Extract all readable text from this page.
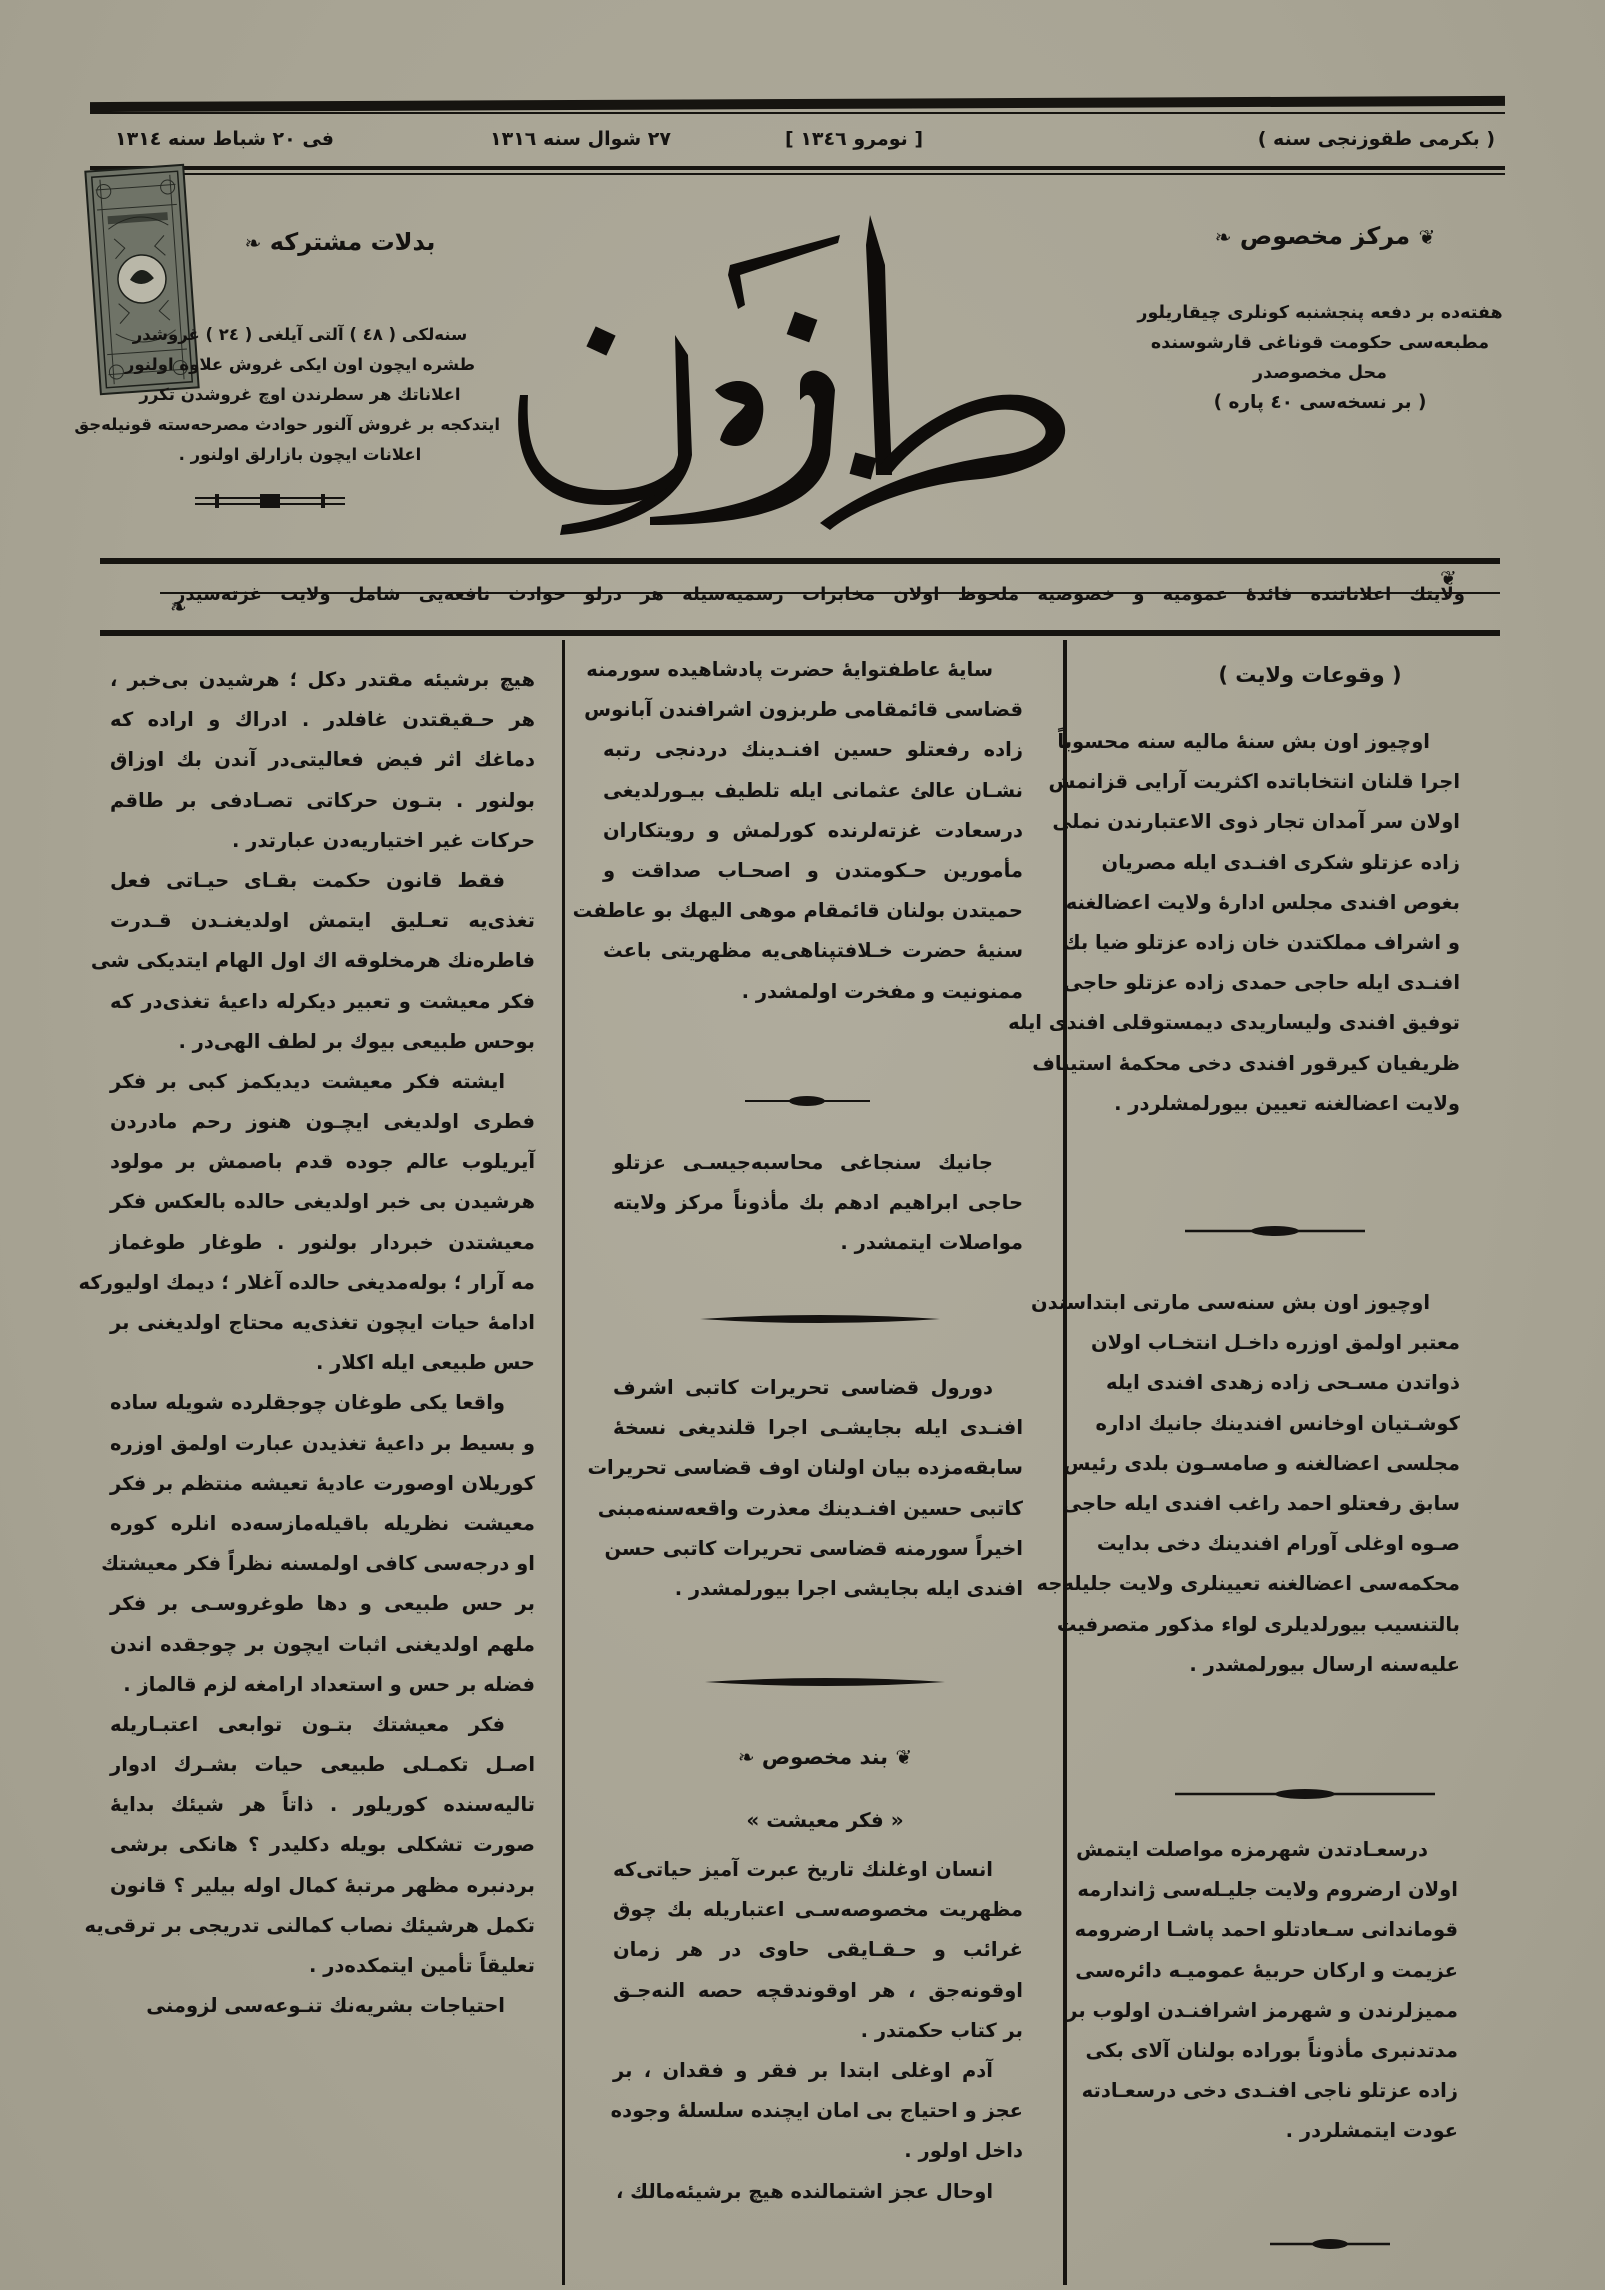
( بکرمی طقوزنجی سنه )
[ نومرو ۱۳٤٦ ]
۲۷ شوال سنه ۱۳۱٦
فی ۲۰ شباط سنه ۱۳۱٤
بدلات مشترکه ❧
سنه‌لکی ( ٤۸ ) آلتی آیلغی ( ۲٤ ) غروشدر
طشره ایچون اون ایکی غروش علاوه اولنور
اعلاناتك هر سطرندن اوچ غروشدن تکرر
ایتدکجه بر غروش آلنور حوادث مصرحه‌سته قونیله‌جق
اعلانات ایچون بازارلق اولنور .
❦ مرکز مخصوص ❧
هفته‌ده بر دفعه پنجشنبه کونلری چیقاریلور
مطبعه‌سی حکومت قوناغی قارشوسنده
محل مخصوصدر
( بر نسخه‌سی ٤۰ پاره )
ولایتك اعلاناتنده فائدهٔ عمومیه و خصوصیه ملحوظ اولان مخابرات رسمیه‌سیله هر درلو حوادث نافعه‌یی شامل ولایت غزته‌سیدر
❦
❧
( وقوعات ولایت )
اوچیوز اون بش سنهٔ مالیه سنه محسوباً
اجرا قلنان انتخاباتده اکثریت آرایی قزانمش
اولان سر آمدان تجار ذوی الاعتبارندن نملی
زاده عزتلو شکری افنـدی ایله مصریان
بغوص افندی مجلس ادارهٔ ولایت اعضالغنه
و اشراف مملکتدن خان زاده عزتلو ضیا بك
افنـدی ایله حاجی حمدی زاده عزتلو حاجی
توفیق افندی ولیساریدی دیمستوقلی افندی ایله
ظریفیان کیرقور افندی دخی محکمهٔ استیناف
ولایت اعضالغنه تعیین بیورلمشلردر .
اوچیوز اون بش سنه‌سی مارتی ابتداسندن
معتبر اولمق اوزره داخـل انتخـاب اولان
ذواتدن مسـحی زاده زهدی افندی ایله
کوشـتیان اوخانس افندینك جانیك اداره
مجلسی اعضالغنه و صامسـون بلدی رئیس
سابق رفعتلو احمد راغب افندی ایله حاجی
صـوه اوغلی آورام افندینك دخی بدایت
محکمه‌سی اعضالغنه تعیینلری ولایت جلیله‌جه
بالتنسیب بیورلدیلری لواء مذکور متصرفیت
علیه‌سنه ارسال بیورلمشدر .
درسعـادتدن شهرمزه مواصلت ایتمش
اولان ارضروم ولایت جلیـله‌سی ژاندارمه
قوماندانی سـعادتلو احمد پاشـا ارضرومه
عزیمت و ارکان حربیهٔ عمومیـه دائره‌سی
ممیزلرندن و شهرمز اشرافنـدن اولوب بر
مدتدنبری مأذوناً بوراده بولنان آلای بکی
زاده عزتلو ناجی افنـدی دخی درسعـادته
عودت ایتمشلردر .
سایهٔ عاطفتوایهٔ حضرت پادشاهیده سورمنه
قضاسی قائمقامی طربزون اشرافندن آبانوس
زاده رفعتلو حسین افنـدینك دردنجی رتبه
نشـان عالئ عثمانی ایله تلطیف بیـورلدیغی
درسعادت غزته‌لرنده کورلمش و رویتکاران
مأمورین حـکومتدن و اصحـاب صداقت و
حمیتدن بولنان قائمقام موهی الیهك بو عاطفت
سنیهٔ حضرت خـلافتپناهی‌یه مظهریتی باعث
ممنونیت و مفخرت اولمشدر .
جانیك سنجاغی محاسبه‌جیسـی عزتلو
حاجی ابراهیم ادهم بك مأذوناً مرکز ولایته
مواصلات ایتمشدر .
دورول قضاسی تحریرات کاتبی اشرف
افنـدی ایله بجایشـی اجرا قلندیغی نسخهٔ
سابقه‌مزده بیان اولنان اوف قضاسی تحریرات
کاتبی حسین افنـدینك معذرت واقعه‌سنه‌مبنی
اخیراً سورمنه قضاسی تحریرات کاتبی حسن
افندی ایله بجایشی اجرا بیورلمشدر .
❦ بند مخصوص ❧
« فکر معیشت »
انسان اوغلنك تاریخ عبرت آمیز حیاتی‌که
مظهریت مخصوصه‌سـی اعتباریله بك چوق
غرائب و حـقـایقی حاوی در هر زمان
اوقونه‌جق ، هر اوقوندقچه حصه النه‌جـق
بر کتاب حکمتدر .
آدم اوغلی ابتدا بر فقر و فقدان ، بر
عجز و احتیاج بی امان ایچنده سلسلهٔ وجوده
داخل اولور .
اوحال عجز اشتمالنده هیچ برشیئه‌مالك ،
هیچ برشیئه مقتدر دکل ؛ هرشیدن بی‌خبر ،
هر حـقیقتدن غافلدر . ادراك و اراده که
دماغك اثر فیض فعالیتی‌در آندن بك اوزاق
بولنور . بتـون حرکاتی تصـادفی بر طاقم
حرکات غیر اختیاریه‌دن عبارتدر .
فقط قانون حکمت بقـای حیـاتی فعل
تغذی‌یه تعـلیق ایتمش اولدیغنـدن قـدرت
فاطره‌نك هرمخلوقه اك اول الهام ایتدیکی شی
فکر معیشت و تعبیر دیکرله داعیهٔ تغذی‌در که
بوحس طبیعی بیوك بر لطف الهی‌در .
ایشته فکر معیشت دیدیکمز کبی بر فکر
فطری اولدیغی ایچـون هنوز رحم مادردن
آیریلوب عالم جوده قدم باصمش بر مولود
هرشیدن بی خبر اولدیغی حالده بالعکس فکر
معیشتدن خبردار بولنور . طوغار طوغماز
مه آرار ؛ بوله‌مدیغی حالده آغلار ؛ دیمك اولیورکه
ادامهٔ حیات ایچون تغذی‌یه محتاج اولدیغنی بر
حس طبیعی ایله اکلار .
واقعا یکی طوغان چوجقلرده شویله ساده
و بسیط بر داعیهٔ تغذیدن عبارت اولمق اوزره
کوریلان اوصورت عادیهٔ تعیشه منتظم بر فکر
معیشت نظریله باقیله‌مازسه‌ده انلره کوره
او درجه‌سی کافی اولمسنه نظراً فکر معیشتك
بر حس طبیعی و دها طوغروسـی بر فکر
ملهم اولدیغنی اثبات ایچون بر چوجقده اندن
فضله بر حس و استعداد ارامغه لزم قالماز .
فکر معیشتك بتـون توابعی اعتبـاریله
اصـل تکمـلی طبیعی حیات بشـرك ادوار
تالیه‌سنده کوریلور . ذاتاً هر شیئك بدایهٔ
صورت تشکلی بویله دکلیدر ؟ هانکی برشی
بردنبره مظهر مرتبهٔ کمال اوله بیلیر ؟ قانون
تکمل هرشیئك نصاب کمالنی تدریجی بر ترقی‌یه
تعلیقاً تأمین ایتمکده‌در .
احتیاجات بشریه‌نك تنـوعه‌سی لزومنی
